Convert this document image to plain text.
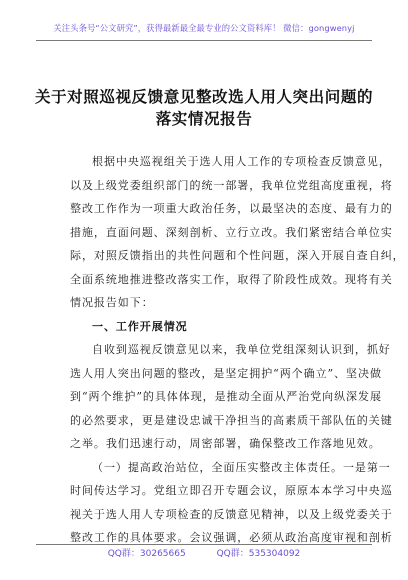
关注头条号“公文研究”，获得最新最全最专业的公文资料库！ 微信：gongwenyj
关于对照巡视反馈意见整改选人用人突出问题的
落实情况报告

根据中央巡视组关于选人用人工作的专项检查反馈意见，
以及上级党委组织部门的统一部署，我单位党组高度重视，将
整改工作作为一项重大政治任务，以最坚决的态度、最有力的
措施，直面问题、深刻剖析、立行立改。我们紧密结合单位实
际，对照反馈指出的共性问题和个性问题，深入开展自查自纠，
全面系统地推进整改落实工作，取得了阶段性成效。现将有关
情况报告如下：

一、工作开展情况

自收到巡视反馈意见以来，我单位党组深刻认识到，抓好
选人用人突出问题的整改，是坚定拥护“两个确立”、坚决做
到“两个维护”的具体体现，是推动全面从严治党向纵深发展
的必然要求，更是建设忠诚干净担当的高素质干部队伍的关键
之举。我们迅速行动，周密部署，确保整改工作落地见效。

（一）提高政治站位，全面压实整改主体责任。一是第一
时间传达学习。党组立即召开专题会议，原原本本学习中央巡
视关于选人用人专项检查的反馈意见精神，以及上级党委关于
整改工作的具体要求。会议强调，必须从政治高度审视和剖析

QQ群：30265665	QQ群：535304092
